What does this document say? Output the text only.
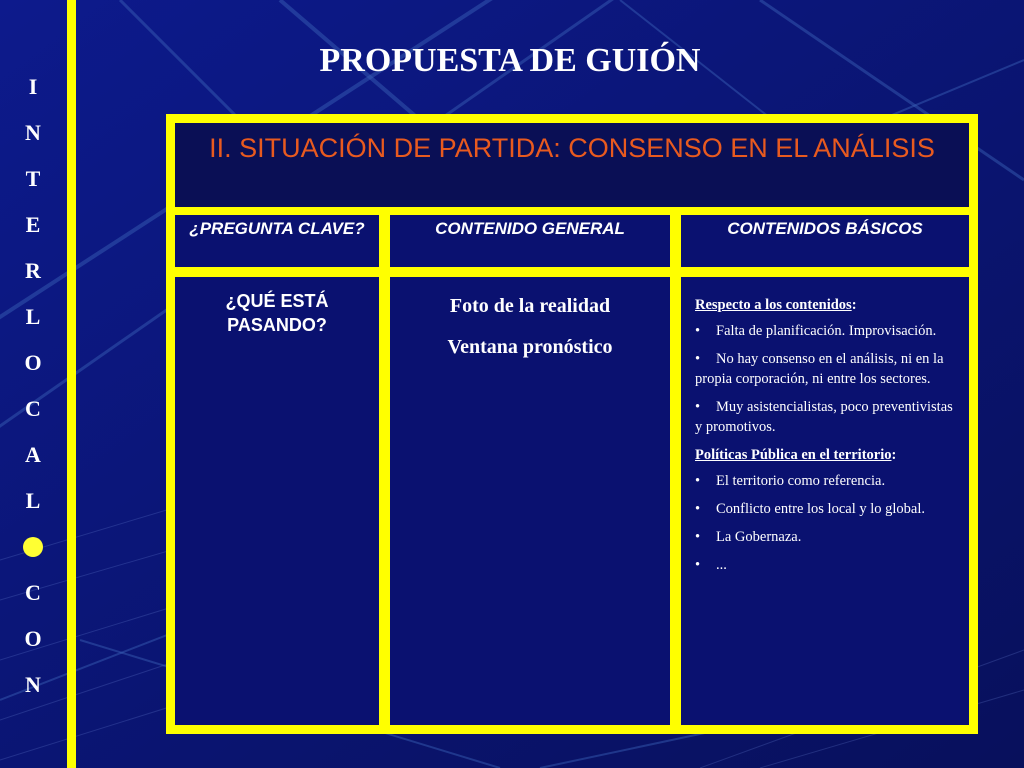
I
N
T
E
R
L
O
C
A
L
C
O
N
PROPUESTA DE GUIÓN
II. SITUACIÓN DE PARTIDA: CONSENSO EN EL ANÁLISIS
¿PREGUNTA CLAVE?	CONTENIDO GENERAL	CONTENIDOS BÁSICOS
¿QUÉ ESTÁ PASANDO?
Foto de la realidad
Ventana pronóstico
Respecto a los contenidos:
• Falta de planificación. Improvisación.
• No hay consenso en el análisis, ni en la propia corporación, ni entre los sectores.
• Muy asistencialistas, poco preventivistas y promotivos.
Políticas Pública en el territorio:
• El territorio como referencia.
• Conflicto entre los local y lo global.
• La Gobernaza.
• ...
